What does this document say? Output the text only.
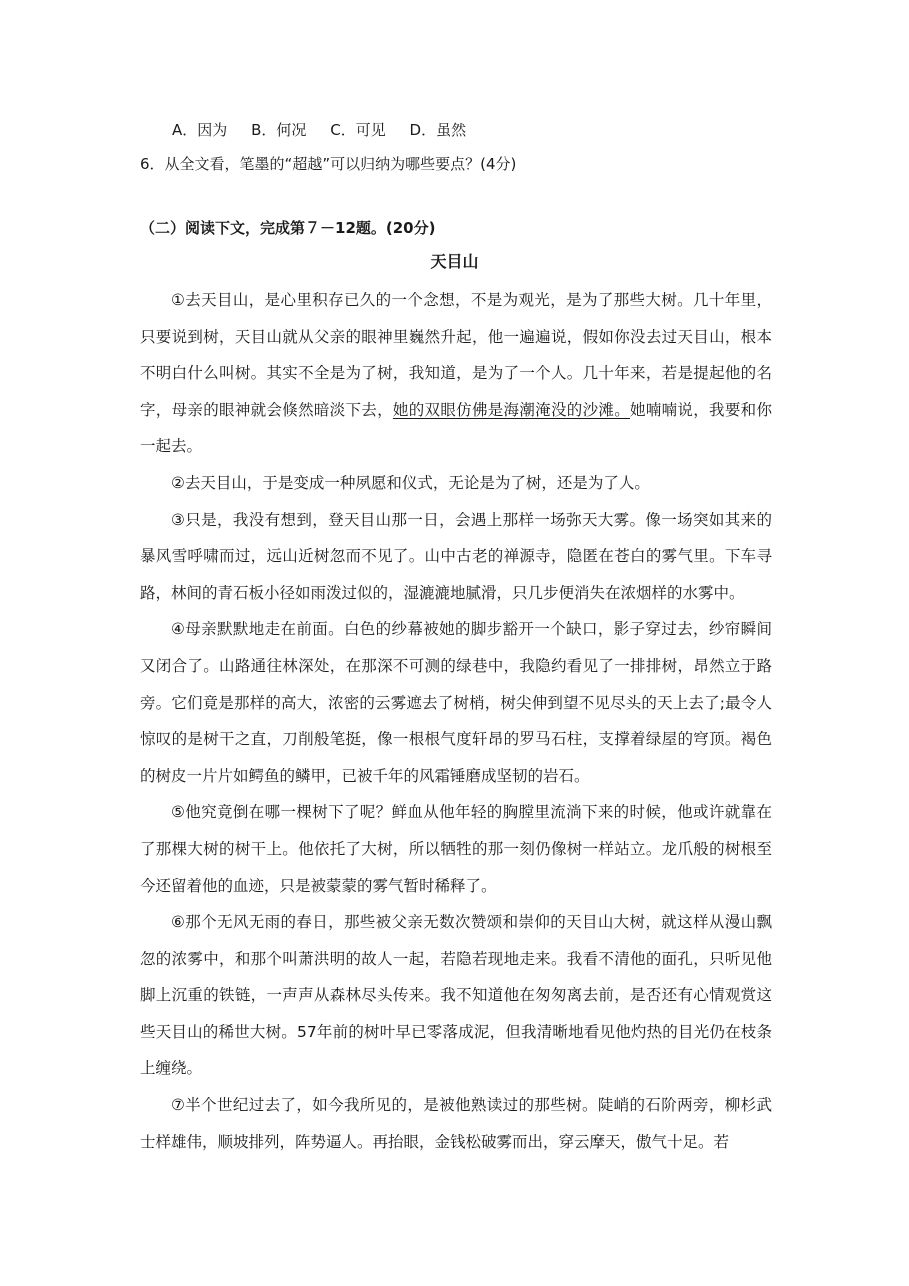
A．因为     B．何况     C．可见     D．虽然
6．从全文看，笔墨的“超越”可以归纳为哪些要点？(4分)
（二）阅读下文，完成第７－12题。(20分)
天目山

①去天目山，是心里积存已久的一个念想，不是为观光，是为了那些大树。几十年里，只要说到树，天目山就从父亲的眼神里巍然升起，他一遍遍说，假如你没去过天目山，根本不明白什么叫树。其实不全是为了树，我知道，是为了一个人。几十年来，若是提起他的名字，母亲的眼神就会倏然暗淡下去，她的双眼仿佛是海潮淹没的沙滩。她喃喃说，我要和你一起去。

②去天目山，于是变成一种夙愿和仪式，无论是为了树，还是为了人。

③只是，我没有想到，登天目山那一日，会遇上那样一场弥天大雾。像一场突如其来的暴风雪呼啸而过，远山近树忽而不见了。山中古老的禅源寺，隐匿在苍白的雾气里。下车寻路，林间的青石板小径如雨泼过似的，湿漉漉地腻滑，只几步便消失在浓烟样的水雾中。

④母亲默默地走在前面。白色的纱幕被她的脚步豁开一个缺口，影子穿过去，纱帘瞬间又闭合了。山路通往林深处，在那深不可测的绿巷中，我隐约看见了一排排树，昂然立于路旁。它们竟是那样的高大，浓密的云雾遮去了树梢，树尖伸到望不见尽头的天上去了;最令人惊叹的是树干之直，刀削般笔挺，像一根根气度轩昂的罗马石柱，支撑着绿屋的穹顶。褐色的树皮一片片如鳄鱼的鳞甲，已被千年的风霜锤磨成坚韧的岩石。

⑤他究竟倒在哪一棵树下了呢？鲜血从他年轻的胸膛里流淌下来的时候，他或许就靠在了那棵大树的树干上。他依托了大树，所以牺牲的那一刻仍像树一样站立。龙爪般的树根至今还留着他的血迹，只是被蒙蒙的雾气暂时稀释了。

⑥那个无风无雨的春日，那些被父亲无数次赞颂和崇仰的天目山大树，就这样从漫山飘忽的浓雾中，和那个叫萧洪明的故人一起，若隐若现地走来。我看不清他的面孔，只听见他脚上沉重的铁链，一声声从森林尽头传来。我不知道他在匆匆离去前，是否还有心情观赏这些天目山的稀世大树。57年前的树叶早已零落成泥，但我清晰地看见他灼热的目光仍在枝条上缠绕。

⑦半个世纪过去了，如今我所见的，是被他熟读过的那些树。陡峭的石阶两旁，柳杉武士样雄伟，顺坡排列，阵势逼人。再抬眼，金钱松破雾而出，穿云摩天，傲气十足。若
